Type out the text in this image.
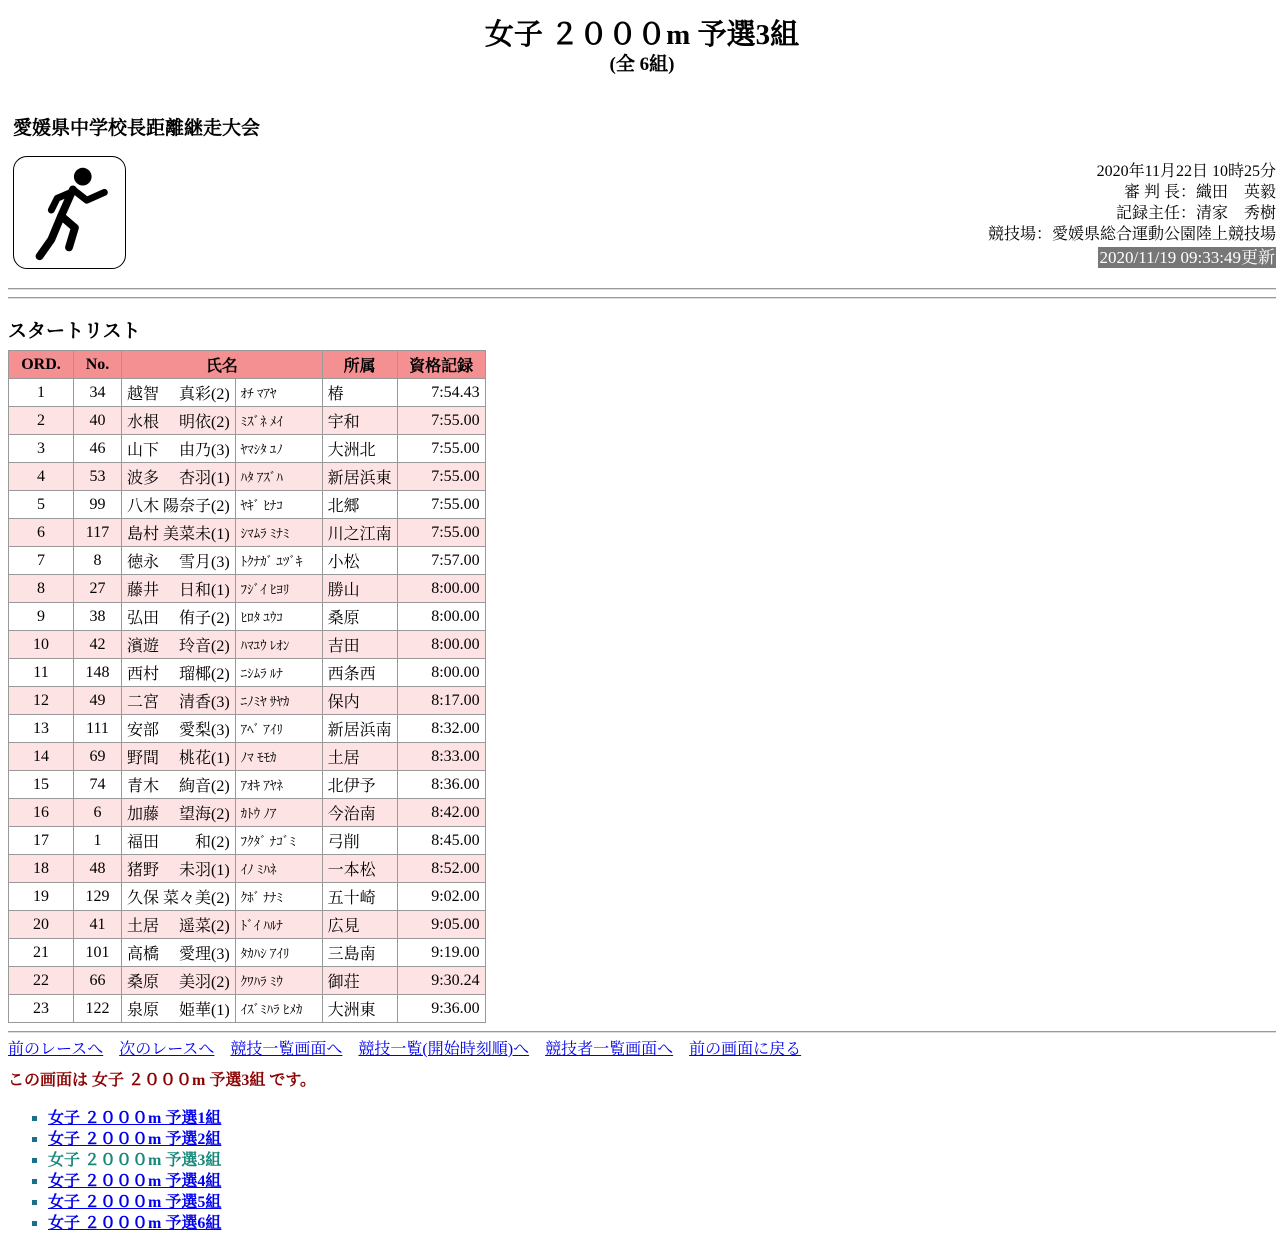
女子 ２０００m 予選3組
(全 6組)
愛媛県中学校長距離継走大会
2020年11月22日 10時25分
審 判 長：織田　英毅
記録主任：清家　秀樹
競技場：愛媛県総合運動公園陸上競技場
2020/11/19 09:33:49更新
スタートリスト
ORD.	No.	氏名		所属	資格記録
1	34	越智　 真彩(2)	ｵﾁ ﾏｱﾔ	椿	7:54.43
2	40	水根　 明依(2)	ﾐｽﾞﾈ ﾒｲ	宇和	7:55.00
3	46	山下　 由乃(3)	ﾔﾏｼﾀ ﾕﾉ	大洲北	7:55.00
4	53	波多　 杏羽(1)	ﾊﾀ ｱｽﾞﾊ	新居浜東	7:55.00
5	99	八木 陽奈子(2)	ﾔｷﾞ ﾋﾅｺ	北郷	7:55.00
6	117	島村 美菜未(1)	ｼﾏﾑﾗ ﾐﾅﾐ	川之江南	7:55.00
7	8	徳永　 雪月(3)	ﾄｸﾅｶﾞ ﾕﾂﾞｷ	小松	7:57.00
8	27	藤井　 日和(1)	ﾌｼﾞｲ ﾋﾖﾘ	勝山	8:00.00
9	38	弘田　 侑子(2)	ﾋﾛﾀ ﾕｳｺ	桑原	8:00.00
10	42	濱遊　 玲音(2)	ﾊﾏﾕｳ ﾚｵﾝ	吉田	8:00.00
11	148	西村　 瑠椰(2)	ﾆｼﾑﾗ ﾙﾅ	西条西	8:00.00
12	49	二宮　 清香(3)	ﾆﾉﾐﾔ ｻﾔｶ	保内	8:17.00
13	111	安部　 愛梨(3)	ｱﾍﾞ ｱｲﾘ	新居浜南	8:32.00
14	69	野間　 桃花(1)	ﾉﾏ ﾓﾓｶ	土居	8:33.00
15	74	青木　 絢音(2)	ｱｵｷ ｱﾔﾈ	北伊予	8:36.00
16	6	加藤　 望海(2)	ｶﾄｳ ﾉｱ	今治南	8:42.00
17	1	福田　　 和(2)	ﾌｸﾀﾞ ﾅｺﾞﾐ	弓削	8:45.00
18	48	猪野　 未羽(1)	ｲﾉ ﾐﾊﾈ	一本松	8:52.00
19	129	久保 菜々美(2)	ｸﾎﾞ ﾅﾅﾐ	五十崎	9:02.00
20	41	土居　 遥菜(2)	ﾄﾞｲ ﾊﾙﾅ	広見	9:05.00
21	101	高橋　 愛理(3)	ﾀｶﾊｼ ｱｲﾘ	三島南	9:19.00
22	66	桑原　 美羽(2)	ｸﾜﾊﾗ ﾐｳ	御荘	9:30.24
23	122	泉原　 姫華(1)	ｲｽﾞﾐﾊﾗ ﾋﾒｶ	大洲東	9:36.00
前のレースへ 次のレースへ 競技一覧画面へ 競技一覧(開始時刻順)へ 競技者一覧画面へ 前の画面に戻る
この画面は 女子 ２０００m 予選3組 です。
女子 ２０００m 予選1組
女子 ２０００m 予選2組
女子 ２０００m 予選3組
女子 ２０００m 予選4組
女子 ２０００m 予選5組
女子 ２０００m 予選6組
